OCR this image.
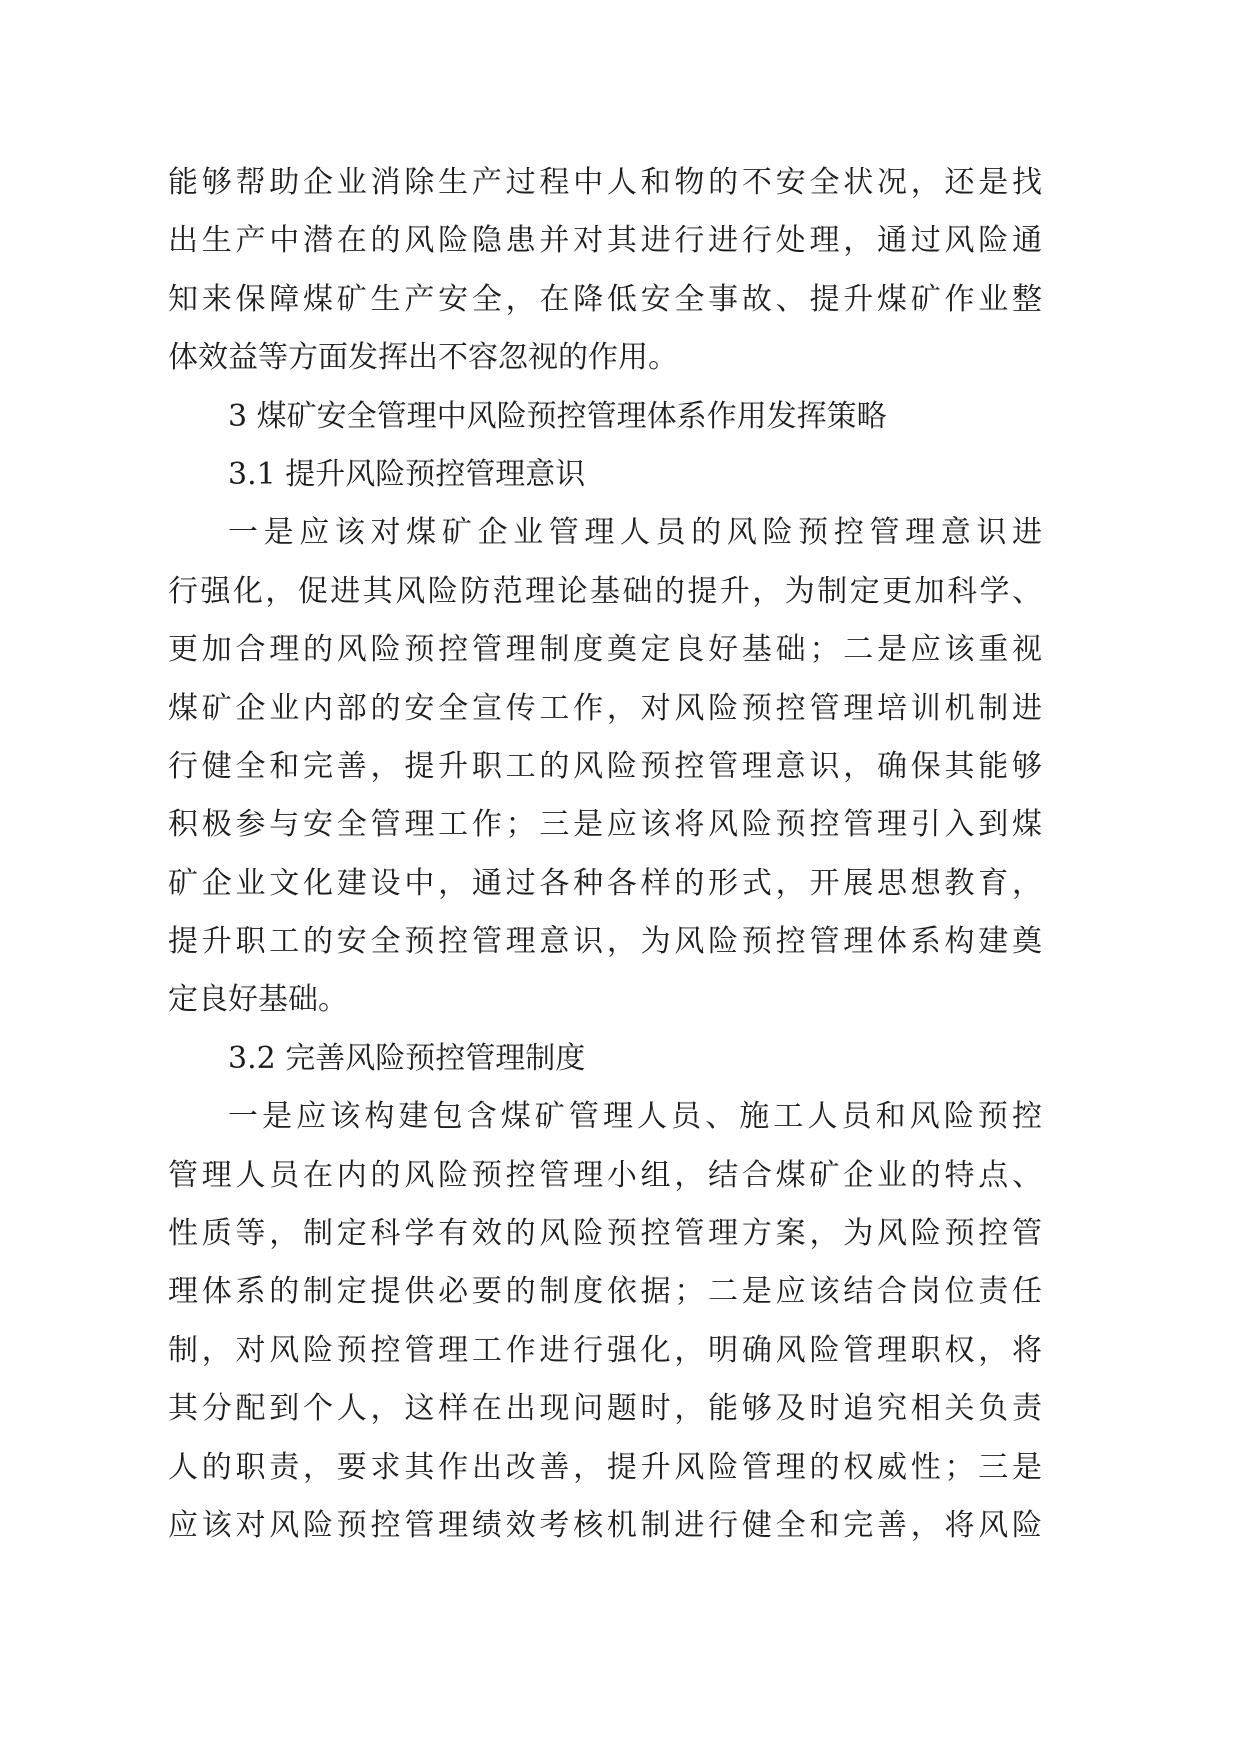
能够帮助企业消除生产过程中人和物的不安全状况，还是找
出生产中潜在的风险隐患并对其进行进行处理，通过风险通
知来保障煤矿生产安全，在降低安全事故、提升煤矿作业整
体效益等方面发挥出不容忽视的作用。
3 煤矿安全管理中风险预控管理体系作用发挥策略
3.1 提升风险预控管理意识
一是应该对煤矿企业管理人员的风险预控管理意识进
行强化，促进其风险防范理论基础的提升，为制定更加科学、
更加合理的风险预控管理制度奠定良好基础；二是应该重视
煤矿企业内部的安全宣传工作，对风险预控管理培训机制进
行健全和完善，提升职工的风险预控管理意识，确保其能够
积极参与安全管理工作；三是应该将风险预控管理引入到煤
矿企业文化建设中，通过各种各样的形式，开展思想教育，
提升职工的安全预控管理意识，为风险预控管理体系构建奠
定良好基础。
3.2 完善风险预控管理制度
一是应该构建包含煤矿管理人员、施工人员和风险预控
管理人员在内的风险预控管理小组，结合煤矿企业的特点、
性质等，制定科学有效的风险预控管理方案，为风险预控管
理体系的制定提供必要的制度依据；二是应该结合岗位责任
制，对风险预控管理工作进行强化，明确风险管理职权，将
其分配到个人，这样在出现问题时，能够及时追究相关负责
人的职责，要求其作出改善，提升风险管理的权威性；三是
应该对风险预控管理绩效考核机制进行健全和完善，将风险
